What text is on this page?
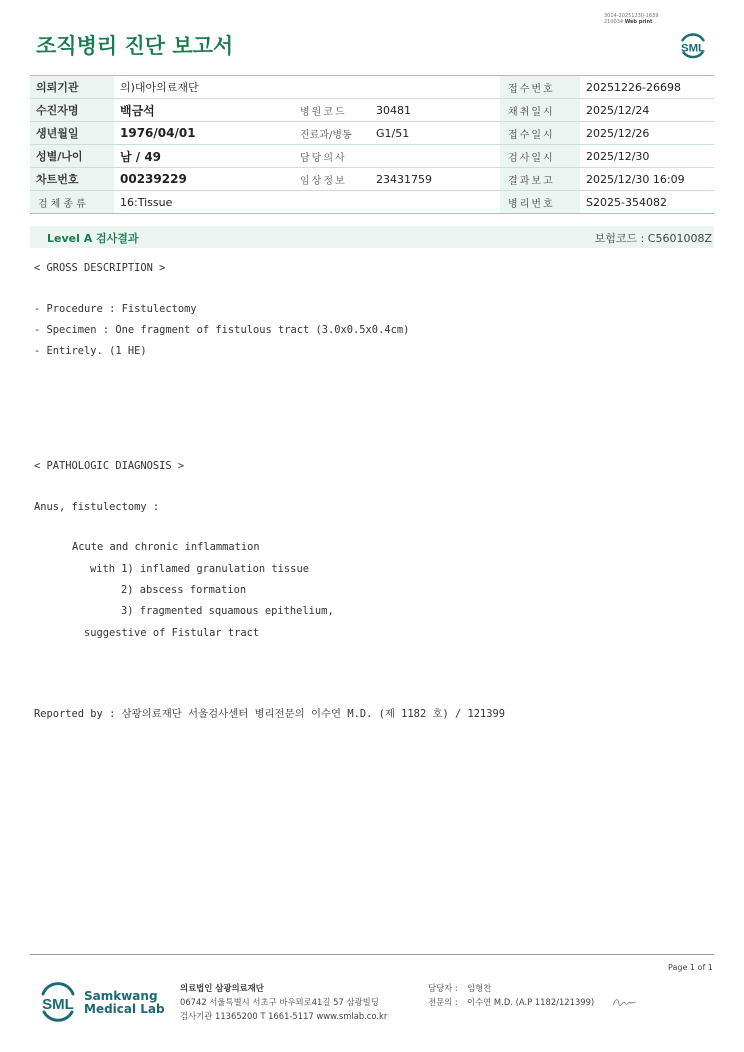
조직병리 진단 보고서
3014-20251230-1639
210034 Web print
SML
의뢰기관	의)대아의료재단			접수번호	20251226-26698
수진자명	백금석	병원코드	30481	채취일시	2025/12/24
생년월일	1976/04/01	진료과/병동	G1/51	접수일시	2025/12/26
성별/나이	남 / 49	담당의사		검사일시	2025/12/30
차트번호	00239229	임상정보	23431759	결과보고	2025/12/30 16:09
검체종류	16:Tissue			병리번호	S2025-354082
Level A 검사결과	보험코드 : C5601008Z
< GROSS DESCRIPTION >
- Procedure : Fistulectomy
- Specimen : One fragment of fistulous tract (3.0x0.5x0.4cm)
- Entirely. (1 HE)
< PATHOLOGIC DIAGNOSIS >
Anus, fistulectomy :
Acute and chronic inflammation
with 1) inflamed granulation tissue
2) abscess formation
3) fragmented squamous epithelium,
suggestive of Fistular tract
Reported by : 삼광의료재단 서울검사센터 병리전문의 이수연 M.D. (제 1182 호) / 121399
Page 1 of 1
SML Samkwang
Medical Lab
의료법인 삼광의료재단
06742 서울특별시 서초구 바우뫼로41길 57 삼광빌딩
검사기관 11365200 T 1661-5117 www.smlab.co.kr
담당자 : 임형찬
전문의 : 이수연 M.D. (A.P 1182/121399)
